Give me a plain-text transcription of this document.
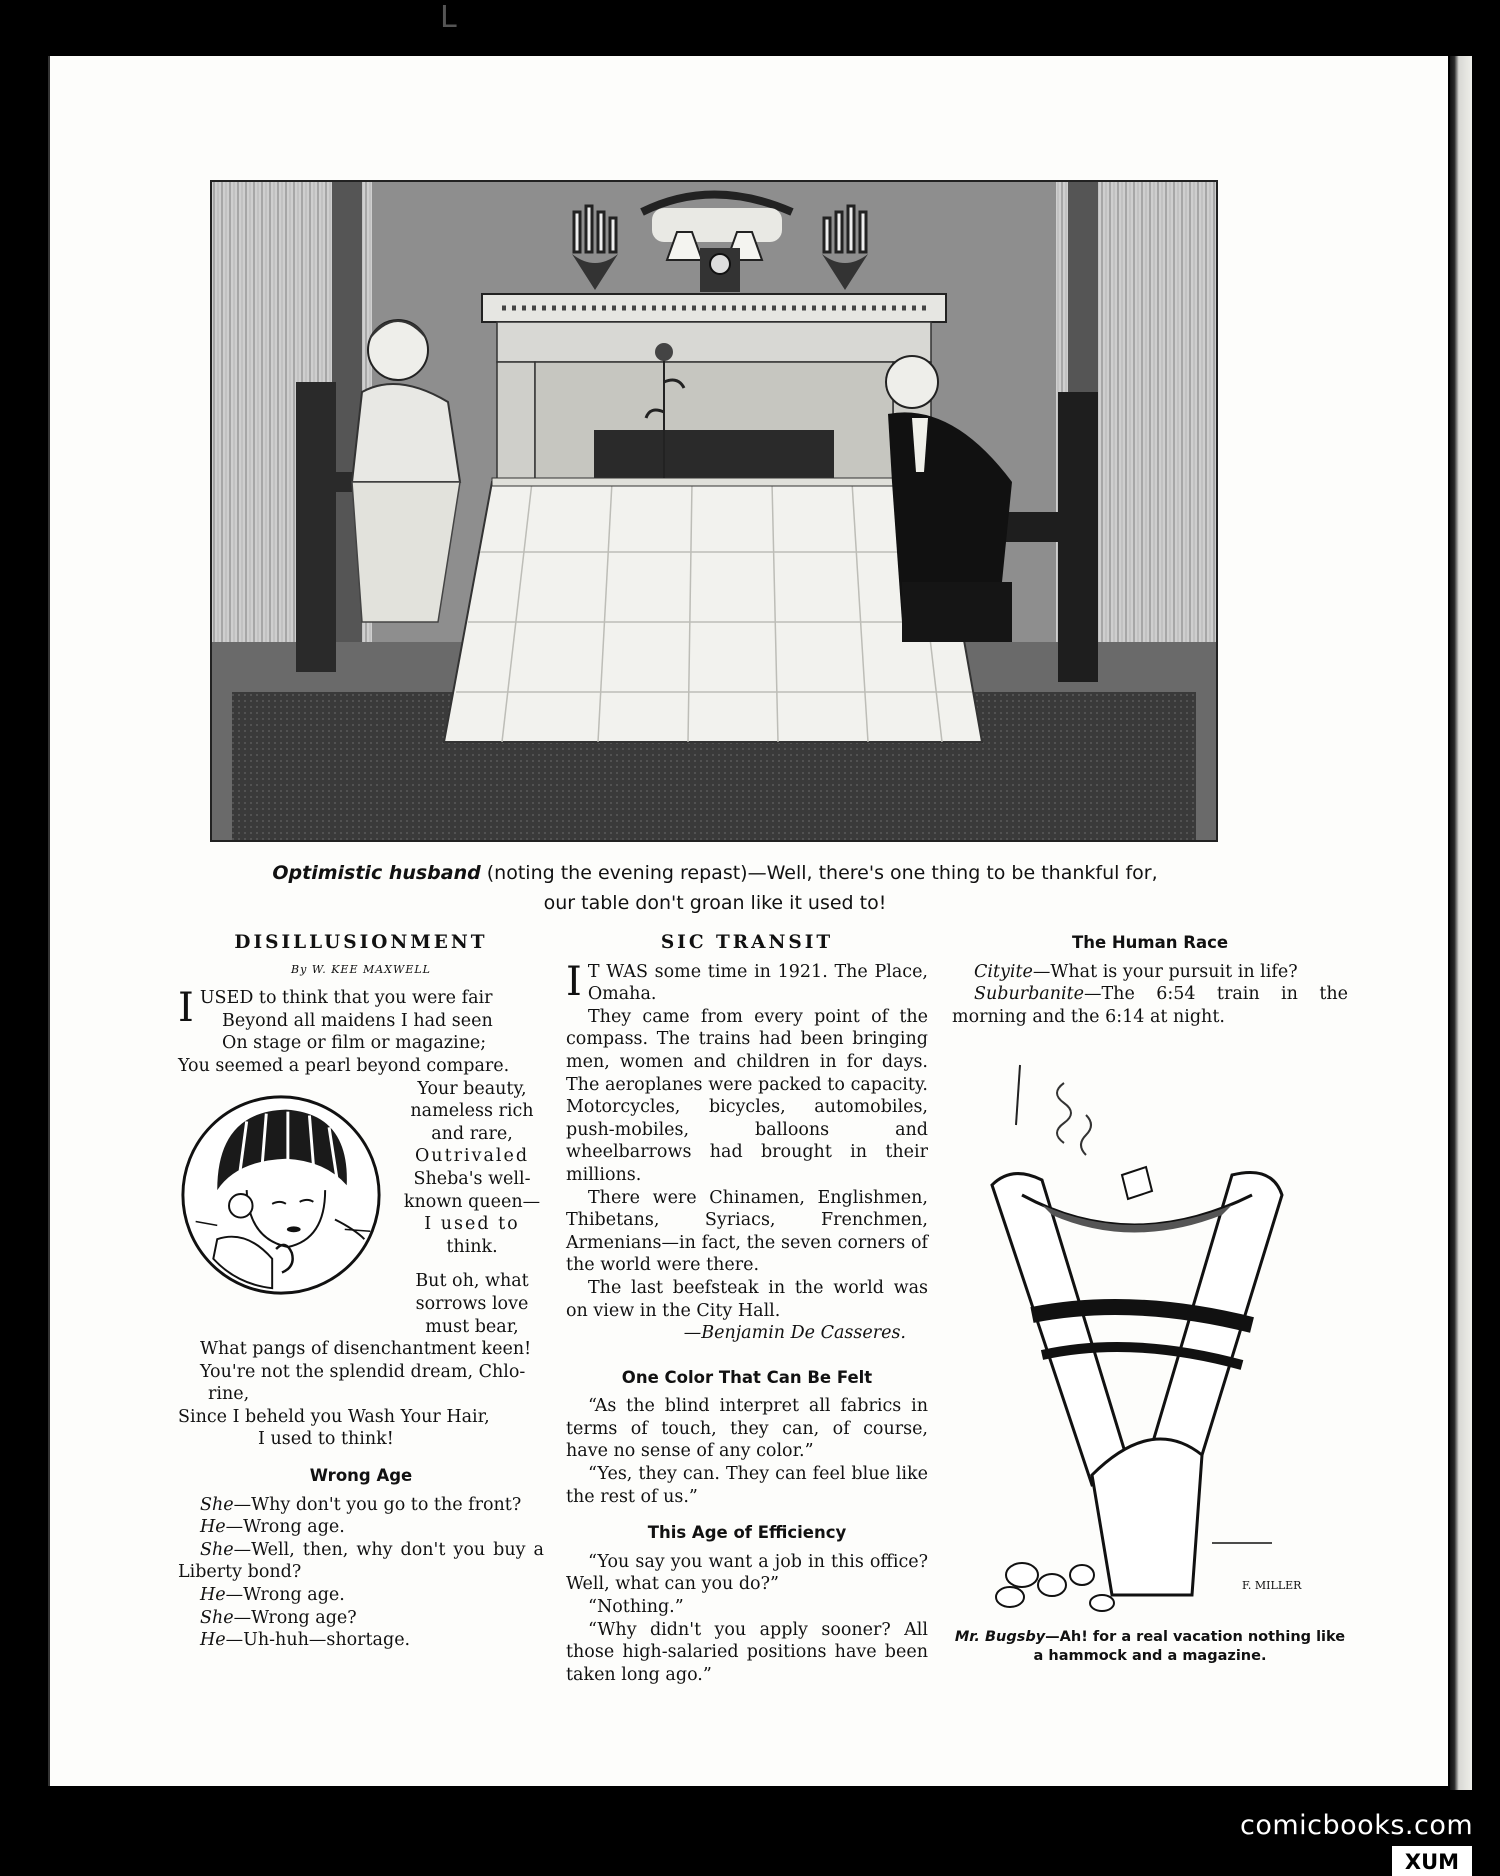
ᒪ
Optimistic husband (noting the evening repast)—Well, there's one thing to be thankful for,
our table don't groan like it used to!
DISILLUSIONMENT
By W. KEE MAXWELL
I USED to think that you were fair

Beyond all maidens I had seen

On stage or film or magazine;

You seemed a pearl beyond compare.

Your beauty,

nameless rich

and rare,

Outrivaled

Sheba's well-

known queen—

I used to

think.

But oh, what

sorrows love

must bear,

What pangs of disenchantment keen!

You're not the splendid dream, Chlo-

rine,

Since I beheld you Wash Your Hair,

I used to think!

Wrong Age

She—Why don't you go to the front?

He—Wrong age.

She—Well, then, why don't you buy a Liberty bond?

He—Wrong age.

She—Wrong age?

He—Uh-huh—shortage.

SIC TRANSIT

I T WAS some time in 1921. The Place, Omaha.

They came from every point of the compass. The trains had been bringing men, women and children in for days. The aeroplanes were packed to capacity. Motorcycles, bicycles, automobiles, push-mobiles, balloons and wheelbarrows had brought in their millions.

There were Chinamen, Englishmen, Thibetans, Syriacs, Frenchmen, Armenians—in fact, the seven corners of the world were there.

The last beefsteak in the world was on view in the City Hall.

—Benjamin De Casseres.

One Color That Can Be Felt

“As the blind interpret all fabrics in terms of touch, they can, of course, have no sense of any color.”

“Yes, they can. They can feel blue like the rest of us.”

This Age of Efficiency

“You say you want a job in this office? Well, what can you do?”

“Nothing.”

“Why didn't you apply sooner? All those high-salaried positions have been taken long ago.”

The Human Race

Cityite—What is your pursuit in life?

Suburbanite—The 6:54 train in the morning and the 6:14 at night.

F. MILLER
Mr. Bugsby—Ah! for a real vacation nothing like a hammock and a magazine.
comicbooks.com
XUM
